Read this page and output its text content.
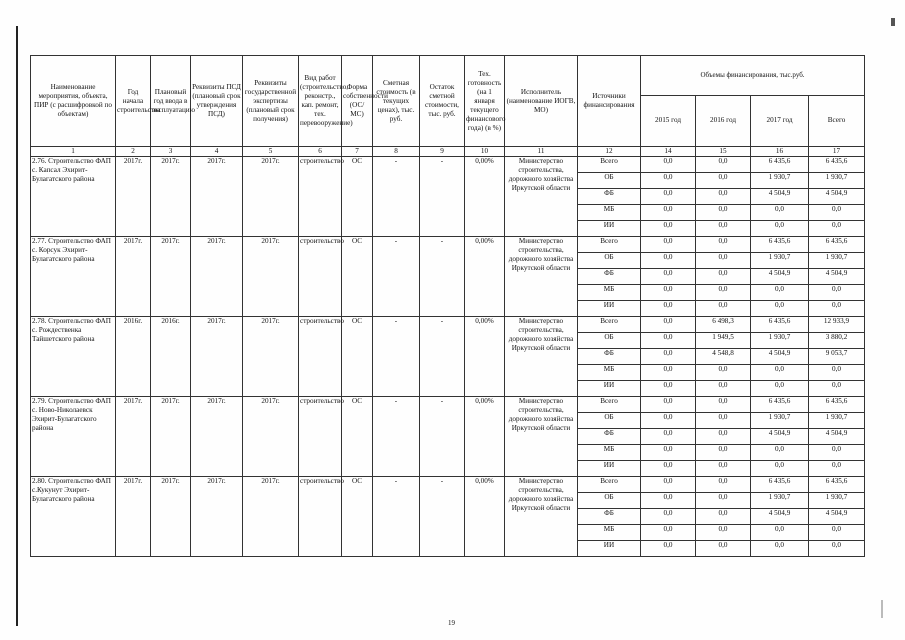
Наименование мероприятия, объекта, ПИР (с расшифровкой по объектам)	Год начала строительства	Плановый год ввода в эксплуатацию	Реквизиты ПСД (плановый срок утверждения ПСД)	Реквизиты государственной экспертизы (плановый срок получения)	Вид работ (строительство, реконстр., кап. ремонт, тех. перевооружение)	Форма собственности (ОС/МС)	Сметная стоимость (в текущих ценах), тыс. руб.	Остаток сметной стоимости, тыс. руб.	Тех. готовность (на 1 января текущего финансового года) (в %)	Исполнитель (наименование ИОГВ, МО)	Источники финансирования	Объемы финансирования, тыс.руб.			
												2015 год	2016 год	2017 год	Всего
1	2	3	4	5	6	7	8	9	10	11	12	14	15	16	17
2.76. Строительство ФАП с. Капсал Эхирит-Булагатского района	2017г.	2017г.	2017г.	2017г.	строительство	ОС	-	-	0,00%	Министерство строительства, дорожного хозяйства Иркутской области	Всего	0,0	0,0	6 435,6	6 435,6
											ОБ	0,0	0,0	1 930,7	1 930,7
											ФБ	0,0	0,0	4 504,9	4 504,9
											МБ	0,0	0,0	0,0	0,0
											ИИ	0,0	0,0	0,0	0,0
2.77. Строительство ФАП с. Корсук Эхирит-Булагатского района	2017г.	2017г.	2017г.	2017г.	строительство	ОС	-	-	0,00%	Министерство строительства, дорожного хозяйства Иркутской области	Всего	0,0	0,0	6 435,6	6 435,6
											ОБ	0,0	0,0	1 930,7	1 930,7
											ФБ	0,0	0,0	4 504,9	4 504,9
											МБ	0,0	0,0	0,0	0,0
											ИИ	0,0	0,0	0,0	0,0
2.78. Строительство ФАП с. Рождественка Тайшетского района	2016г.	2016г.	2017г.	2017г.	строительство	ОС	-	-	0,00%	Министерство строительства, дорожного хозяйства Иркутской области	Всего	0,0	6 498,3	6 435,6	12 933,9
											ОБ	0,0	1 949,5	1 930,7	3 880,2
											ФБ	0,0	4 548,8	4 504,9	9 053,7
											МБ	0,0	0,0	0,0	0,0
											ИИ	0,0	0,0	0,0	0,0
2.79. Строительство ФАП с. Ново-Николаевск Эхирит-Булагатского района	2017г.	2017г.	2017г.	2017г.	строительство	ОС	-	-	0,00%	Министерство строительства, дорожного хозяйства Иркутской области	Всего	0,0	0,0	6 435,6	6 435,6
											ОБ	0,0	0,0	1 930,7	1 930,7
											ФБ	0,0	0,0	4 504,9	4 504,9
											МБ	0,0	0,0	0,0	0,0
											ИИ	0,0	0,0	0,0	0,0
2.80. Строительство ФАП с.Кукунут Эхирит-Булагатского района	2017г.	2017г.	2017г.	2017г.	строительство	ОС	-	-	0,00%	Министерство строительства, дорожного хозяйства Иркутской области	Всего	0,0	0,0	6 435,6	6 435,6
											ОБ	0,0	0,0	1 930,7	1 930,7
											ФБ	0,0	0,0	4 504,9	4 504,9
											МБ	0,0	0,0	0,0	0,0
											ИИ	0,0	0,0	0,0	0,0
19
